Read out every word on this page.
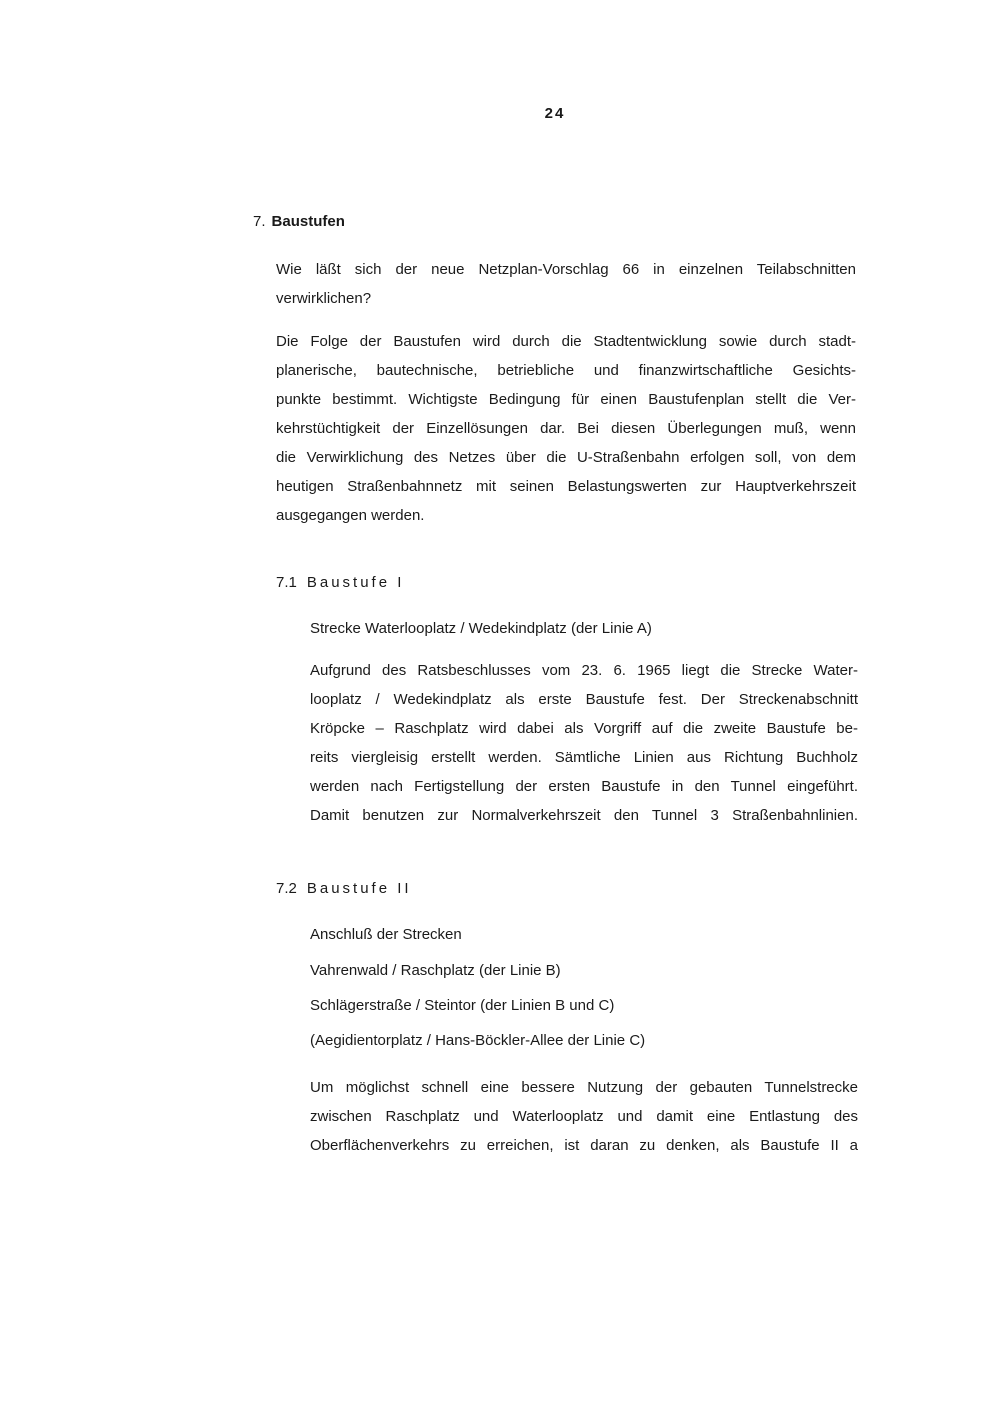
24
7. Baustufen

Wie läßt sich der neue Netzplan-Vorschlag 66 in einzelnen Teilabschnitten
verwirklichen?

Die Folge der Baustufen wird durch die Stadtentwicklung sowie durch stadt-
planerische, bautechnische, betriebliche und finanzwirtschaftliche Gesichts-
punkte bestimmt. Wichtigste Bedingung für einen Baustufenplan stellt die Ver-
kehrstüchtigkeit der Einzellösungen dar. Bei diesen Überlegungen muß, wenn
die Verwirklichung des Netzes über die U-Straßenbahn erfolgen soll, von dem
heutigen Straßenbahnnetz mit seinen Belastungswerten zur Hauptverkehrszeit
ausgegangen werden.

7.1 Baustufe I
Strecke Waterlooplatz / Wedekindplatz (der Linie A)

Aufgrund des Ratsbeschlusses vom 23. 6. 1965 liegt die Strecke Water-
looplatz / Wedekindplatz als erste Baustufe fest. Der Streckenabschnitt
Kröpcke – Raschplatz wird dabei als Vorgriff auf die zweite Baustufe be-
reits viergleisig erstellt werden. Sämtliche Linien aus Richtung Buchholz
werden nach Fertigstellung der ersten Baustufe in den Tunnel eingeführt.
Damit benutzen zur Normalverkehrszeit den Tunnel 3 Straßenbahnlinien.

7.2 Baustufe II
Anschluß der Strecken
Vahrenwald / Raschplatz (der Linie B)
Schlägerstraße / Steintor (der Linien B und C)
(Aegidientorplatz / Hans-Böckler-Allee der Linie C)

Um möglichst schnell eine bessere Nutzung der gebauten Tunnelstrecke
zwischen Raschplatz und Waterlooplatz und damit eine Entlastung des
Oberflächenverkehrs zu erreichen, ist daran zu denken, als Baustufe II a
